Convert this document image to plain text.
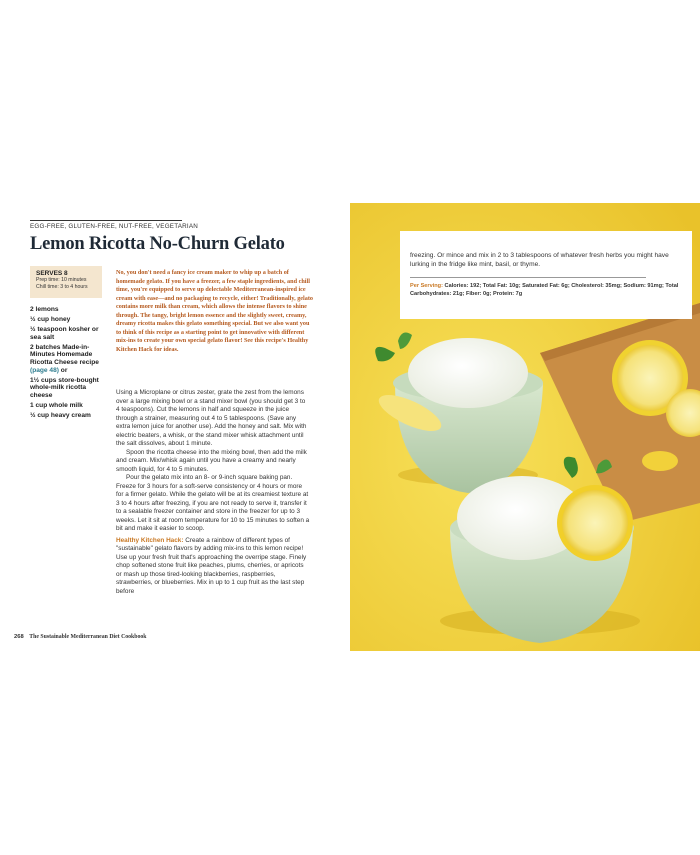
EGG-FREE, GLUTEN-FREE, NUT-FREE, VEGETARIAN
Lemon Ricotta No-Churn Gelato
SERVES 8
Prep time: 10 minutes
Chill time: 3 to 4 hours
2 lemons
½ cup honey
½ teaspoon kosher or sea salt
2 batches Made-in-Minutes Homemade Ricotta Cheese recipe (page 48) or
1½ cups store-bought whole-milk ricotta cheese
1 cup whole milk
½ cup heavy cream
No, you don't need a fancy ice cream maker to whip up a batch of homemade gelato. If you have a freezer, a few staple ingredients, and chill time, you're equipped to serve up delectable Mediterranean-inspired ice cream with ease—and no packaging to recycle, either! Traditionally, gelato contains more milk than cream, which allows the intense flavors to shine through. The tangy, bright lemon essence and the slightly sweet, creamy, dreamy ricotta makes this gelato something special. But we also want you to think of this recipe as a starting point to get innovative with different mix-ins to create your own special gelato flavor! See this recipe's Healthy Kitchen Hack for ideas.

Using a Microplane or citrus zester, grate the zest from the lemons over a large mixing bowl or a stand mixer bowl (you should get 3 to 4 teaspoons). Cut the lemons in half and squeeze in the juice through a strainer, measuring out 4 to 5 tablespoons. (Save any extra lemon juice for another use). Add the honey and salt. Mix with electric beaters, a whisk, or the stand mixer whisk attachment until the salt dissolves, about 1 minute.

Spoon the ricotta cheese into the mixing bowl, then add the milk and cream. Mix/whisk again until you have a creamy and nearly smooth liquid, for 4 to 5 minutes.

Pour the gelato mix into an 8- or 9-inch square baking pan. Freeze for 3 hours for a soft-serve consistency or 4 hours or more for a firmer gelato. While the gelato will be at its creamiest texture at 3 to 4 hours after freezing, if you are not ready to serve it, transfer it to a sealable freezer container and store in the freezer for up to 3 weeks. Let it sit at room temperature for 10 to 15 minutes to soften a bit and make it easier to scoop.

Healthy Kitchen Hack: Create a rainbow of different types of "sustainable" gelato flavors by adding mix-ins to this lemon recipe! Use up your fresh fruit that's approaching the overripe stage. Finely chop softened stone fruit like peaches, plums, cherries, or apricots or mash up those tired-looking blackberries, raspberries, strawberries, or blueberries. Mix in up to 1 cup fruit as the last step before

268 The Sustainable Mediterranean Diet Cookbook
freezing. Or mince and mix in 2 to 3 tablespoons of whatever fresh herbs you might have lurking in the fridge like mint, basil, or thyme.
Per Serving: Calories: 192; Total Fat: 10g; Saturated Fat: 6g; Cholesterol: 35mg; Sodium: 91mg; Total Carbohydrates: 21g; Fiber: 0g; Protein: 7g
